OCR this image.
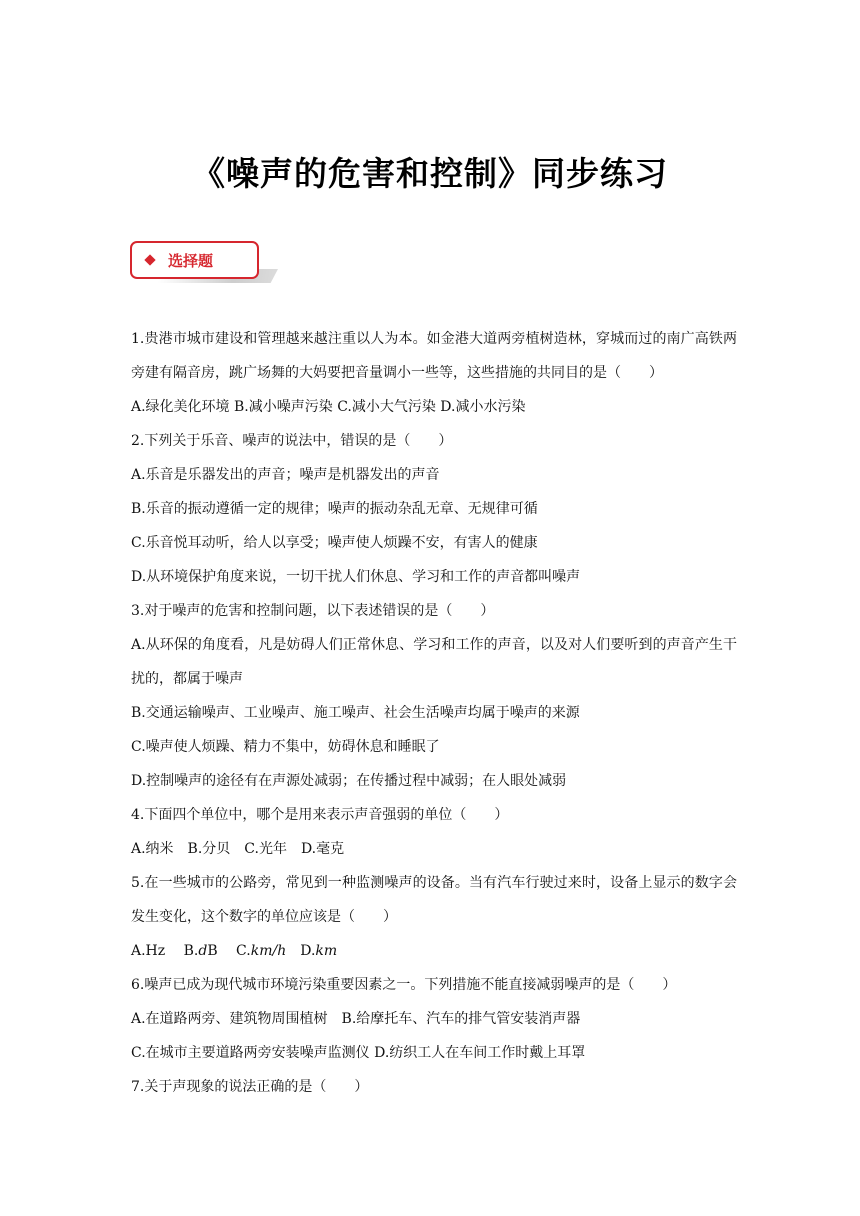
《噪声的危害和控制》同步练习
选择题
1.贵港市城市建设和管理越来越注重以人为本。如金港大道两旁植树造林，穿城而过的南广高铁两旁建有隔音房，跳广场舞的大妈要把音量调小一些等，这些措施的共同目的是（　　）
A.绿化美化环境 B.减小噪声污染 C.减小大气污染 D.减小水污染
2.下列关于乐音、噪声的说法中，错误的是（　　）
A.乐音是乐器发出的声音；噪声是机器发出的声音
B.乐音的振动遵循一定的规律；噪声的振动杂乱无章、无规律可循
C.乐音悦耳动听，给人以享受；噪声使人烦躁不安，有害人的健康
D.从环境保护角度来说，一切干扰人们休息、学习和工作的声音都叫噪声
3.对于噪声的危害和控制问题，以下表述错误的是（　　）
A.从环保的角度看，凡是妨碍人们正常休息、学习和工作的声音，以及对人们要听到的声音产生干扰的，都属于噪声
B.交通运输噪声、工业噪声、施工噪声、社会生活噪声均属于噪声的来源
C.噪声使人烦躁、精力不集中，妨碍休息和睡眠了
D.控制噪声的途径有在声源处减弱；在传播过程中减弱；在人眼处减弱
4.下面四个单位中，哪个是用来表示声音强弱的单位（　　）
A.纳米　B.分贝　C.光年　D.毫克
5.在一些城市的公路旁，常见到一种监测噪声的设备。当有汽车行驶过来时，设备上显示的数字会发生变化，这个数字的单位应该是（　　）
A.Hz　 B.dB　 C.km/h　D.km
6.噪声已成为现代城市环境污染重要因素之一。下列措施不能直接减弱噪声的是（　　）
A.在道路两旁、建筑物周围植树　B.给摩托车、汽车的排气管安装消声器
C.在城市主要道路两旁安装噪声监测仪 D.纺织工人在车间工作时戴上耳罩
7.关于声现象的说法正确的是（　　）
